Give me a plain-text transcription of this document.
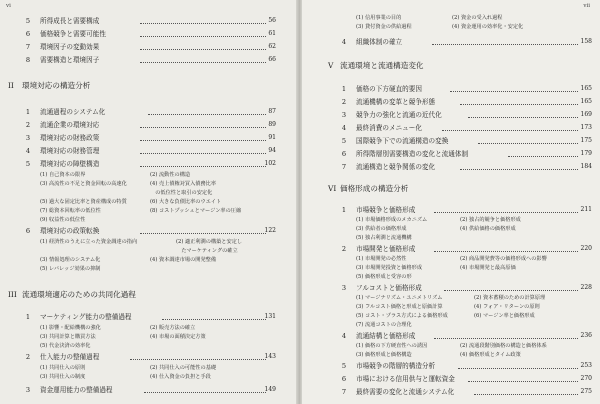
vi
5	所得成長と需要構成	56
6	価格競争と需要可能性	61
7	環境因子の変動効果	62
8	需要構造と環境因子	66
II 環境対応の構造分析
1	流通過程のシステム化	87
2	流通企業の環境対応	89
3	環境対応の財務政策	91
4	環境対応の財務管理	94
5	環境対応の障壁構造	102
(1) 自己資本の限界	(2) 流動性の構造
(3) 高流性の不足と資金回転の高速化	(4) 売上債権対買入債務比率
　の低位性と取引の安定化
(5) 過大な固定比率と資産構成の特質	(6) 大きな負債比率のウエイト
(7) 総資本回転率の低位性	(8) コストプッシュとマージン率の圧縮
(9) 収益性の低位性
6	環境対応の政策転換	122
(1) 経済性のうえに立った資金調達の指向	(2) 適正利潤の構築と安定し
　たマーケティングの確立
(3) 情報処理のシステム化	(4) 資本調達市場の開発整備
(5) レバレッジ効果の抑制
III 流通環境適応のための共同化過程
1	マーケティング能力の整備過程	131
(1) 影響・配給機構の強化	(2) 販売方法の確立
(3) 共同計算と購買方法	(4) 市場の面積決定方策
(5) 代金決済の効率化
2	仕入能力の整備過程	143
(1) 共同仕入の原則	(2) 共同仕入の可能性の基礎
(3) 共同仕入の制度	(4) 仕入資金の負担と手段
3	資金運用能力の整備過程	149
vii
(1) 信用事業の目的	(2) 資金の受入れ過程
(3) 貸付資金の供給過程	(4) 資金運用の効率化・安定化
4	組織体制の確立	158
V 流通環境と流通構造変化
1	価格の下方硬直的要因	165
2	流通機構の変革と競争形態	165
3	競争力の強化と流通の近代化	169
4	最終消費のメニュー化	173
5	国際競争下での流通構造の変換	175
6	所得階層別需要構造の変化と流通体制	179
7	流通構造と競争関係の変化	184
VI 価格形成の構造分析
1	市場競争と価格形成	211
(1) 市場価格形成のメカニズム	(2) 独占的競争と価格形成
(3) 供給者の価格形成	(4) 供給価格の価格形成
(5) 独占利潤と流通機構
2	市場開発と価格形成	220
(1) 市場開発の必然性	(2) 商品開発費等の価格形成への影響
(3) 市場開発投資と価格形成	(4) 市場開発と最高原価
(5) 価格形成と受容の形
3	フルコストと価格形成	228
(1) マージナリズム・ユニメトリズム	(2) 資本蓄積のための計算原理
(3) フルコスト価格と形成と原価計算	(4) フォア・リターンの原則
(5) コスト・プラス方式による価格形成	(6) マージン率と価格形成
(7) 流通コストの合理化
4	流通結構と価格形成	236
(1) 価格の下方硬直性への誘因	(2) 流通段階別価格の構造と価格体系
(3) 価格形成と価格構造	(4) 価格形成とタイム政策
5	市場競争の階層的構造分析	253
6	市場における信用供与と運転資金	270
7	最終需要の変化と流通システム化	275
